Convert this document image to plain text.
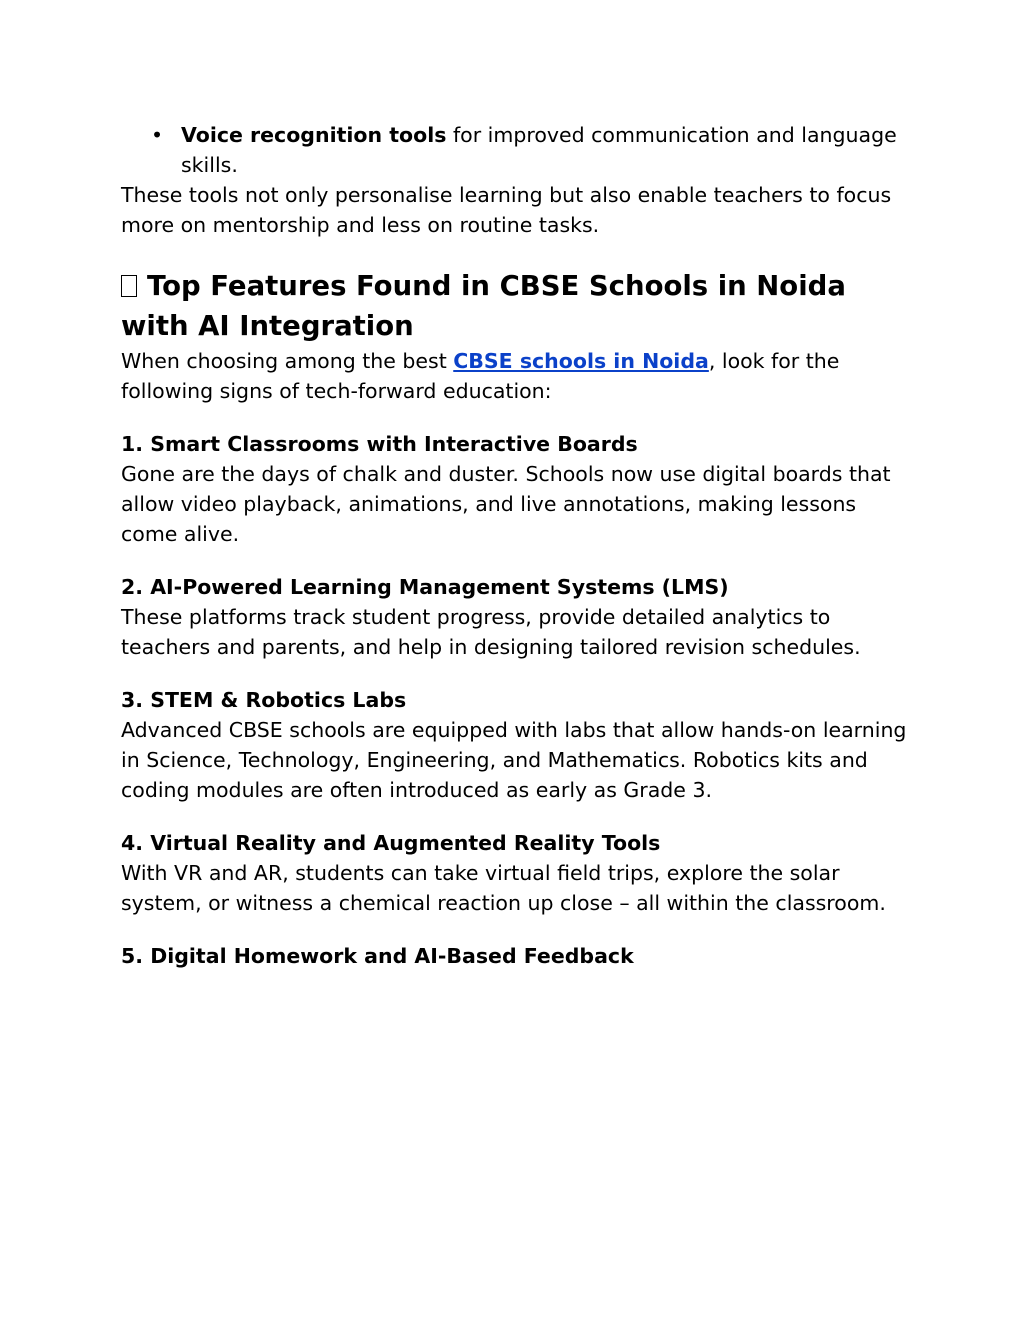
• Voice recognition tools for improved communication and language skills.

These tools not only personalise learning but also enable teachers to focus more on mentorship and less on routine tasks.

Top Features Found in CBSE Schools in Noida with AI Integration

When choosing among the best CBSE schools in Noida, look for the following signs of tech-forward education:

1. Smart Classrooms with Interactive Boards

Gone are the days of chalk and duster. Schools now use digital boards that allow video playback, animations, and live annotations, making lessons come alive.

2. AI-Powered Learning Management Systems (LMS)

These platforms track student progress, provide detailed analytics to teachers and parents, and help in designing tailored revision schedules.

3. STEM & Robotics Labs

Advanced CBSE schools are equipped with labs that allow hands-on learning in Science, Technology, Engineering, and Mathematics. Robotics kits and coding modules are often introduced as early as Grade 3.

4. Virtual Reality and Augmented Reality Tools

With VR and AR, students can take virtual field trips, explore the solar system, or witness a chemical reaction up close – all within the classroom.

5. Digital Homework and AI-Based Feedback
